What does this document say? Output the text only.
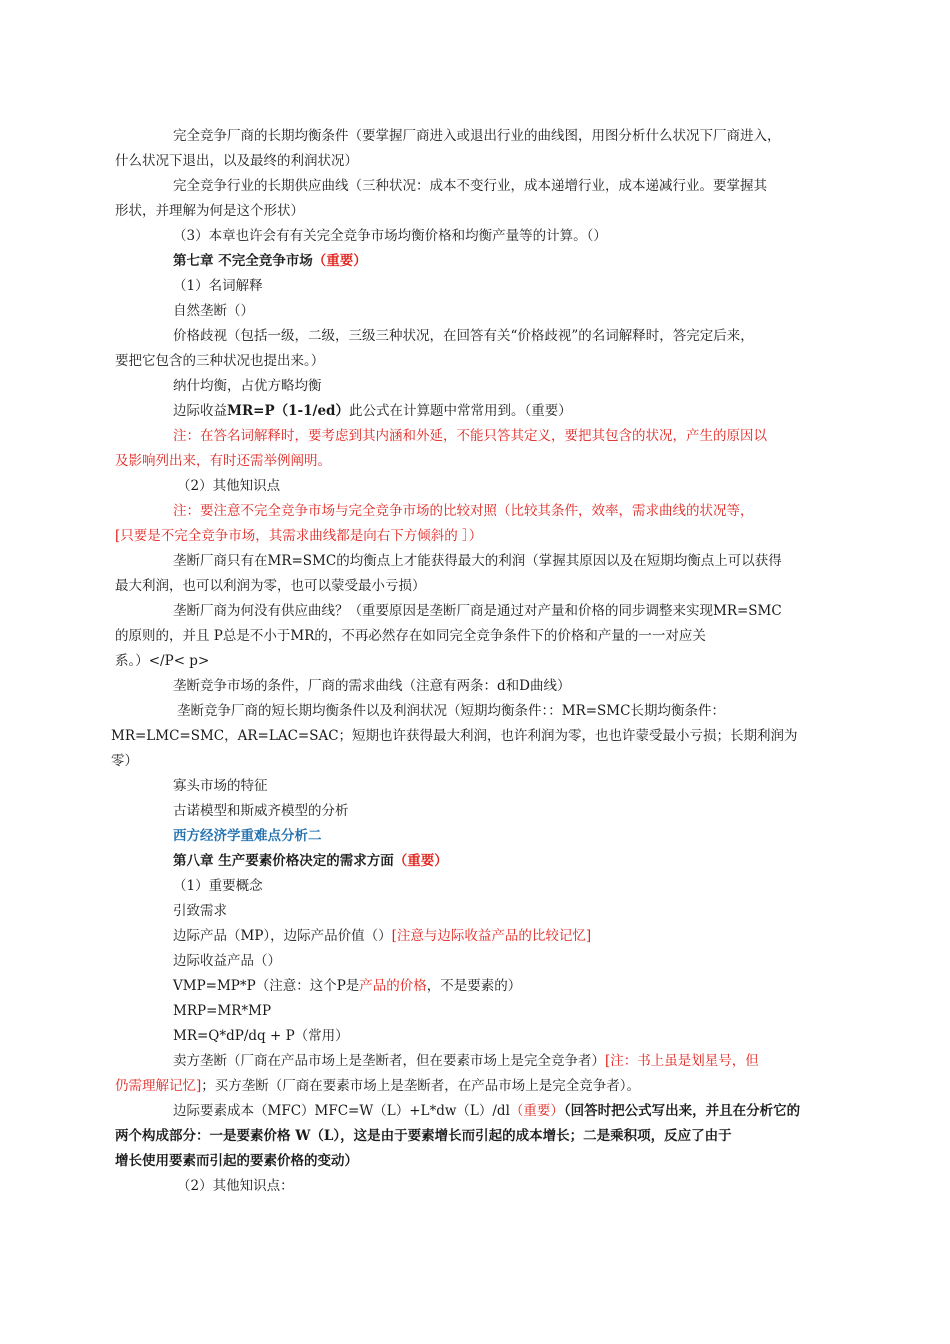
完全竞争厂商的长期均衡条件（要掌握厂商进入或退出行业的曲线图，用图分析什么状况下厂商进入，
什么状况下退出，以及最终的利润状况）

完全竞争行业的长期供应曲线（三种状况：成本不变行业，成本递增行业，成本递减行业。要掌握其
形状，并理解为何是这个形状）

（3）本章也许会有有关完全竞争市场均衡价格和均衡产量等的计算。（）

第七章 不完全竞争市场（重要）

（1）名词解释

自然垄断（）

价格歧视（包括一级，二级，三级三种状况，在回答有关“价格歧视”的名词解释时，答完定后来，
要把它包含的三种状况也提出来。）

纳什均衡，占优方略均衡

边际收益MR=P（1-1/ed）此公式在计算题中常常用到。（重要）

注：在答名词解释时，要考虑到其内涵和外延，不能只答其定义，要把其包含的状况，产生的原因以
及影响列出来，有时还需举例阐明。

（2）其他知识点

注：要注意不完全竞争市场与完全竞争市场的比较对照（比较其条件，效率，需求曲线的状况等，
[只要是不完全竞争市场，其需求曲线都是向右下方倾斜的 ］）

垄断厂商只有在MR=SMC的均衡点上才能获得最大的利润（掌握其原因以及在短期均衡点上可以获得
最大利润，也可以利润为零，也可以蒙受最小亏损）

垄断厂商为何没有供应曲线？（重要原因是垄断厂商是通过对产量和价格的同步调整来实现MR=SMC
的原则的，并且 P总是不小于MR的，不再必然存在如同完全竞争条件下的价格和产量的一一对应关
系。）</P< p>

垄断竞争市场的条件，厂商的需求曲线（注意有两条：d和D曲线）

垄断竞争厂商的短长期均衡条件以及利润状况（短期均衡条件：：MR=SMC长期均衡条件：
MR=LMC=SMC，AR=LAC=SAC；短期也许获得最大利润，也许利润为零，也也许蒙受最小亏损；长期利润为
零）

寡头市场的特征

古诺模型和斯威齐模型的分析

西方经济学重难点分析二

第八章 生产要素价格决定的需求方面（重要）

（1）重要概念

引致需求

边际产品（MP），边际产品价值（）[注意与边际收益产品的比较记忆]

边际收益产品（）

VMP=MP*P（注意：这个P是产品的价格，不是要素的）

MRP=MR*MP

MR=Q*dP/dq + P（常用）

卖方垄断（厂商在产品市场上是垄断者，但在要素市场上是完全竞争者）[注：书上虽是划星号，但
仍需理解记忆]；买方垄断（厂商在要素市场上是垄断者，在产品市场上是完全竞争者）。

边际要素成本（MFC）MFC=W（L）+L*dw（L）/dl（重要）（回答时把公式写出来，并且在分析它的
两个构成部分：一是要素价格 W（L），这是由于要素增长而引起的成本增长；二是乘积项，反应了由于
增长使用要素而引起的要素价格的变动）

（2）其他知识点：
